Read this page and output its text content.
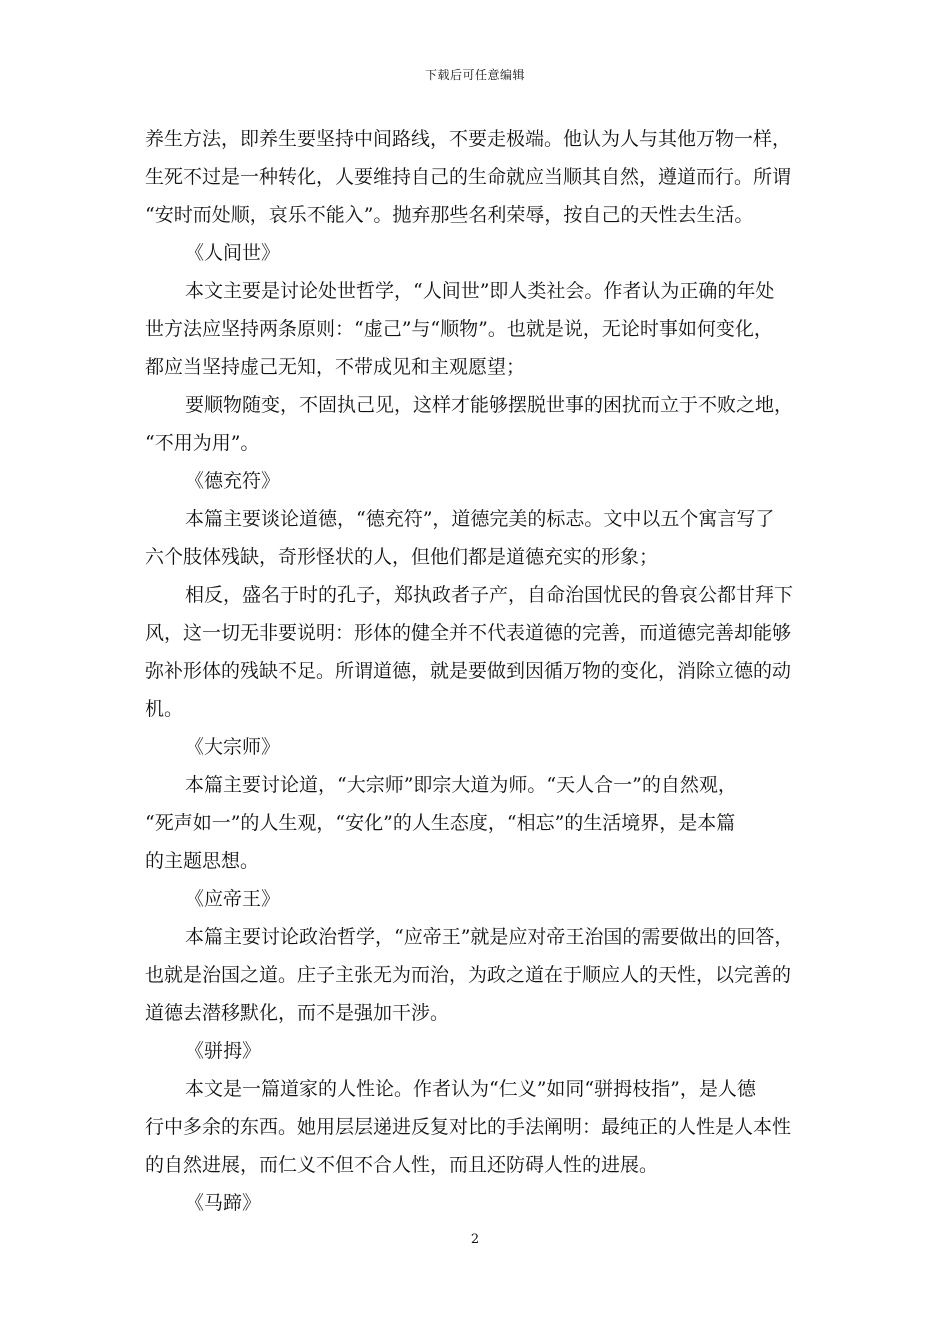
下载后可任意编辑
养生方法，即养生要坚持中间路线，不要走极端。他认为人与其他万物一样，
生死不过是一种转化，人要维持自己的生命就应当顺其自然，遵道而行。所谓
“安时而处顺，哀乐不能入”。抛弃那些名利荣辱，按自己的天性去生活。
《人间世》
本文主要是讨论处世哲学，“人间世”即人类社会。作者认为正确的年处
世方法应坚持两条原则：“虚己”与“顺物”。也就是说，无论时事如何变化，
都应当坚持虚己无知，不带成见和主观愿望；
要顺物随变，不固执己见，这样才能够摆脱世事的困扰而立于不败之地，
“不用为用”。
《德充符》
本篇主要谈论道德，“德充符”，道德完美的标志。文中以五个寓言写了
六个肢体残缺，奇形怪状的人，但他们都是道德充实的形象；
相反，盛名于时的孔子，郑执政者子产，自命治国忧民的鲁哀公都甘拜下
风，这一切无非要说明：形体的健全并不代表道德的完善，而道德完善却能够
弥补形体的残缺不足。所谓道德，就是要做到因循万物的变化，消除立德的动
机。
《大宗师》
本篇主要讨论道，“大宗师”即宗大道为师。“天人合一”的自然观，
“死声如一”的人生观，“安化”的人生态度，“相忘”的生活境界，是本篇
的主题思想。
《应帝王》
本篇主要讨论政治哲学，“应帝王”就是应对帝王治国的需要做出的回答，
也就是治国之道。庄子主张无为而治，为政之道在于顺应人的天性，以完善的
道德去潜移默化，而不是强加干涉。
《骈拇》
本文是一篇道家的人性论。作者认为“仁义”如同“骈拇枝指”，是人德
行中多余的东西。她用层层递进反复对比的手法阐明：最纯正的人性是人本性
的自然进展，而仁义不但不合人性，而且还防碍人性的进展。
《马蹄》
2
